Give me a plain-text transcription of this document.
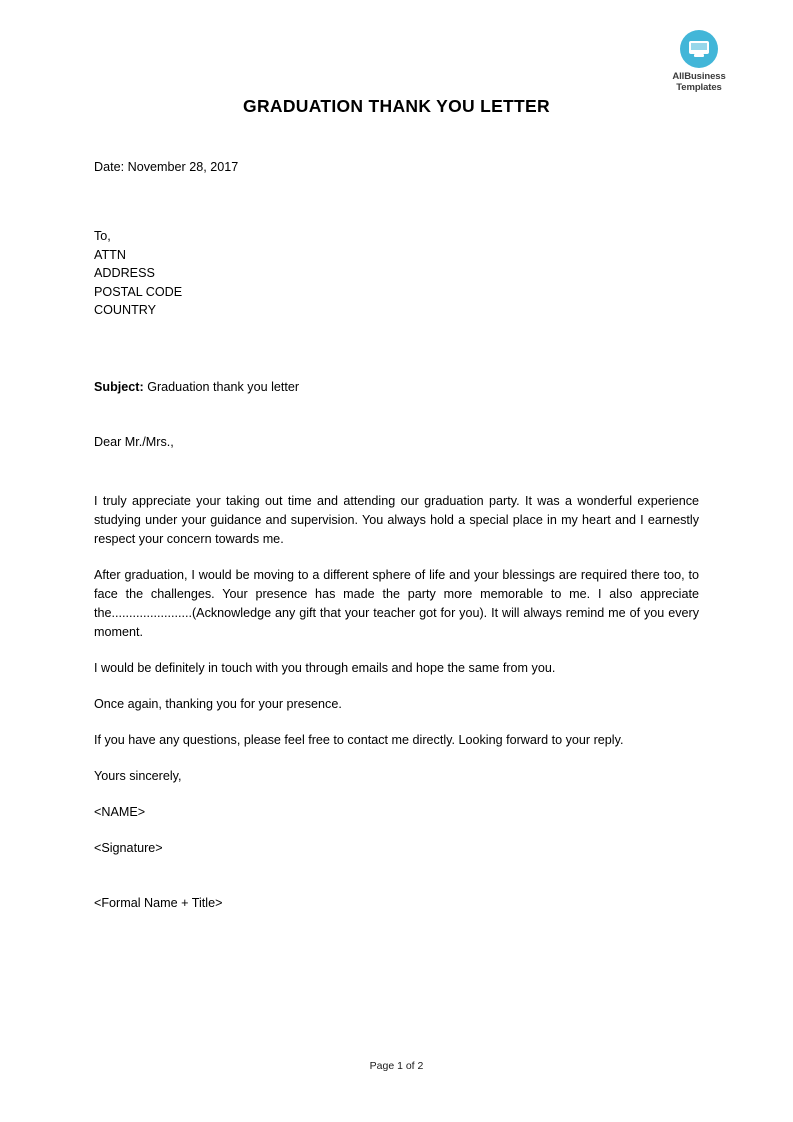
AllBusiness
Templates
GRADUATION THANK YOU LETTER
Date: November 28, 2017
To,
ATTN
ADDRESS
POSTAL CODE
COUNTRY
Subject: Graduation thank you letter
Dear Mr./Mrs.,

I truly appreciate your taking out time and attending our graduation party. It was a wonderful experience studying under your guidance and supervision. You always hold a special place in my heart and I earnestly respect your concern towards me.

After graduation, I would be moving to a different sphere of life and your blessings are required there too, to face the challenges. Your presence has made the party more memorable to me. I also appreciate the.......................(Acknowledge any gift that your teacher got for you). It will always remind me of you every moment.

I would be definitely in touch with you through emails and hope the same from you.

Once again, thanking you for your presence.

If you have any questions, please feel free to contact me directly. Looking forward to your reply.

Yours sincerely,
<NAME>
<Signature>
<Formal Name + Title>
Page 1 of 2
